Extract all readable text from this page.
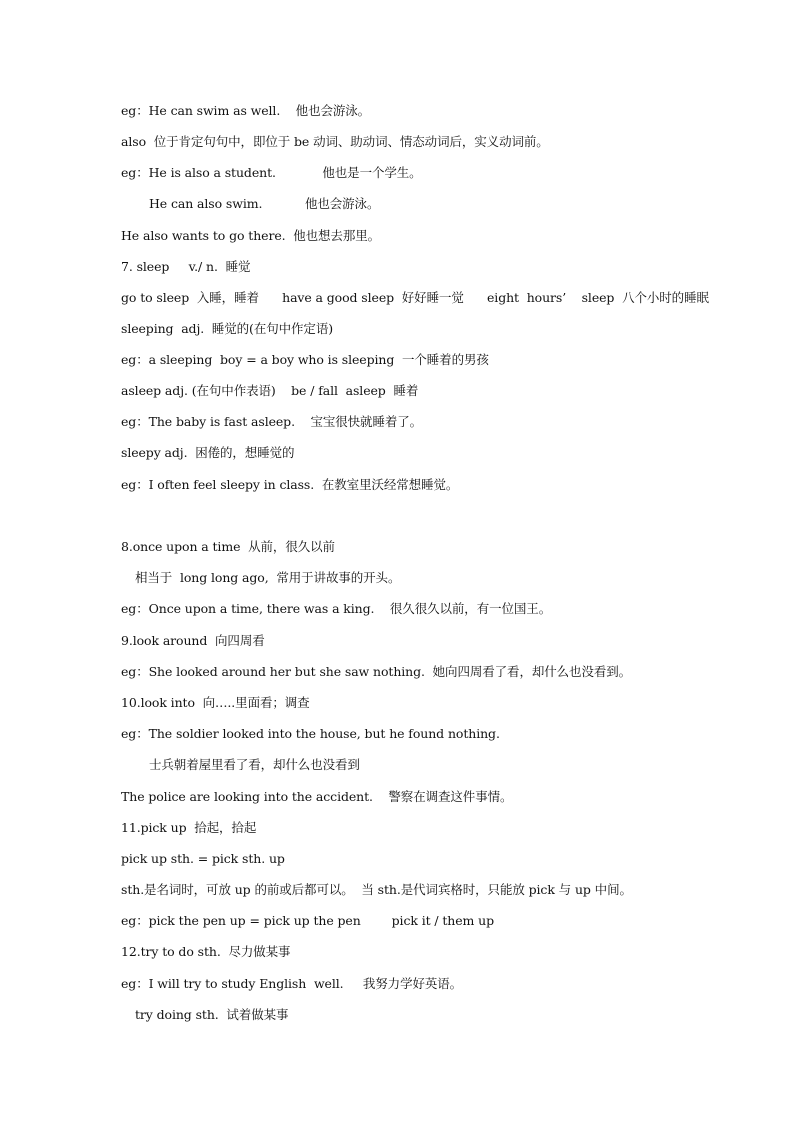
eg：He can swim as well.    他也会游泳。
also  位于肯定句句中，即位于 be 动词、助动词、情态动词后，实义动词前。
eg：He is also a student.            他也是一个学生。
He can also swim.           他也会游泳。
He also wants to go there.  他也想去那里。
7. sleep     v./ n.  睡觉
go to sleep  入睡，睡着      have a good sleep  好好睡一觉      eight  hours’    sleep  八个小时的睡眠
sleeping  adj.  睡觉的(在句中作定语)
eg：a sleeping  boy = a boy who is sleeping  一个睡着的男孩
asleep adj. (在句中作表语)    be / fall  asleep  睡着
eg：The baby is fast asleep.    宝宝很快就睡着了。
sleepy adj.  困倦的，想睡觉的
eg：I often feel sleepy in class.  在教室里沃经常想睡觉。
8.once upon a time  从前，很久以前
相当于  long long ago,  常用于讲故事的开头。
eg：Once upon a time, there was a king.    很久很久以前，有一位国王。
9.look around  向四周看
eg：She looked around her but she saw nothing.  她向四周看了看，却什么也没看到。
10.look into  向…..里面看；调查
eg：The soldier looked into the house, but he found nothing.
士兵朝着屋里看了看，却什么也没看到
The police are looking into the accident.    警察在调查这件事情。
11.pick up  拾起，拾起
pick up sth. = pick sth. up
sth.是名词时，可放 up 的前或后都可以。  当 sth.是代词宾格时，只能放 pick 与 up 中间。
eg：pick the pen up = pick up the pen        pick it / them up
12.try to do sth.  尽力做某事
eg：I will try to study English  well.     我努力学好英语。
try doing sth.  试着做某事
